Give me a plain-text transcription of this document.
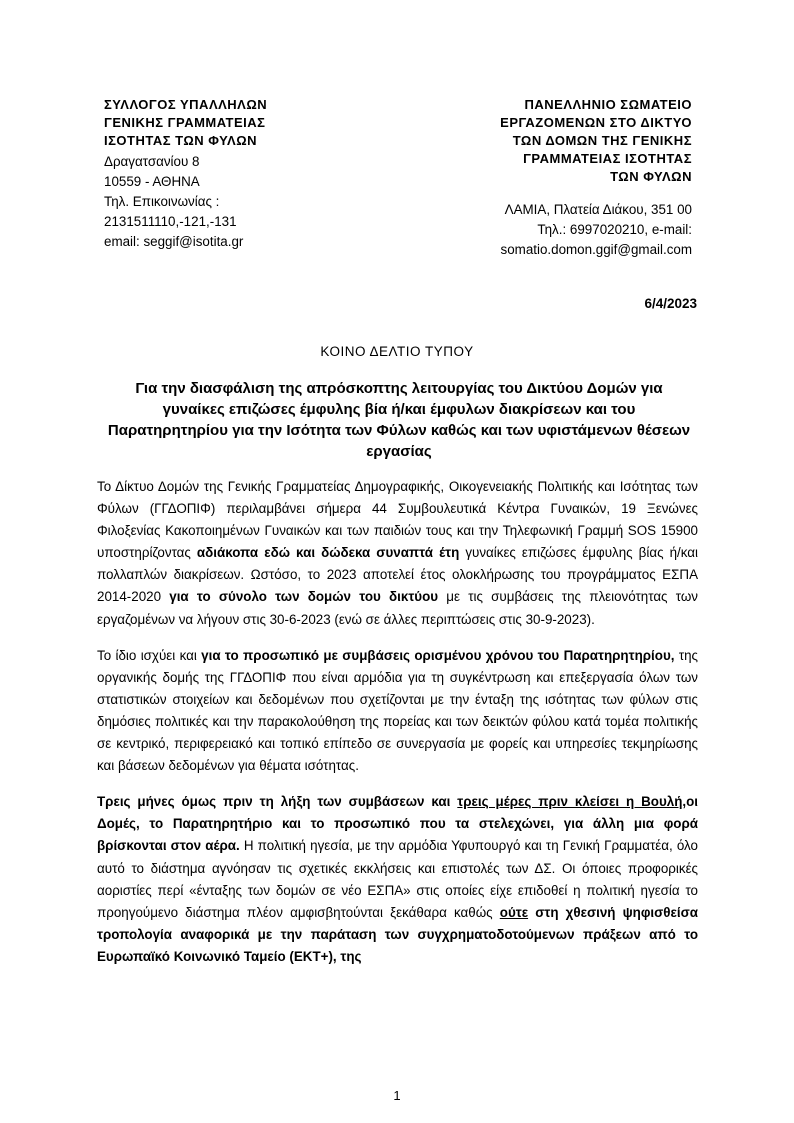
ΣΥΛΛΟΓΟΣ ΥΠΑΛΛΗΛΩΝ
ΓΕΝΙΚΗΣ ΓΡΑΜΜΑΤΕΙΑΣ
ΙΣΟΤΗΤΑΣ ΤΩΝ ΦΥΛΩΝ
Δραγατσανίου 8
10559 - ΑΘΗΝΑ
Τηλ. Επικοινωνίας :
2131511110,-121,-131
email: seggif@isotita.gr
ΠΑΝΕΛΛΗΝΙΟ ΣΩΜΑΤΕΙΟ
ΕΡΓΑΖΟΜΕΝΩΝ ΣΤΟ ΔΙΚΤΥΟ
ΤΩΝ ΔΟΜΩΝ ΤΗΣ ΓΕΝΙΚΗΣ
ΓΡΑΜΜΑΤΕΙΑΣ ΙΣΟΤΗΤΑΣ
ΤΩΝ ΦΥΛΩΝ
ΛΑΜΙΑ, Πλατεία Διάκου, 351 00
Τηλ.: 6997020210, e-mail:
somatio.domon.ggif@gmail.com
6/4/2023
ΚΟΙΝΟ ΔΕΛΤΙΟ ΤΥΠΟΥ
Για την διασφάλιση της απρόσκοπτης λειτουργίας του Δικτύου Δομών για γυναίκες επιζώσες έμφυλης βία ή/και έμφυλων διακρίσεων και του Παρατηρητηρίου για την Ισότητα των Φύλων καθώς και των υφιστάμενων θέσεων εργασίας

Το Δίκτυο Δομών της Γενικής Γραμματείας Δημογραφικής, Οικογενειακής Πολιτικής και Ισότητας των Φύλων (ΓΓΔΟΠΙΦ) περιλαμβάνει σήμερα 44 Συμβουλευτικά Κέντρα Γυναικών, 19 Ξενώνες Φιλοξενίας Κακοποιημένων Γυναικών και των παιδιών τους και την Τηλεφωνική Γραμμή SOS 15900 υποστηρίζοντας αδιάκοπα εδώ και δώδεκα συναπτά έτη γυναίκες επιζώσες έμφυλης βίας ή/και πολλαπλών διακρίσεων. Ωστόσο, το 2023 αποτελεί έτος ολοκλήρωσης του προγράμματος ΕΣΠΑ 2014-2020 για το σύνολο των δομών του δικτύου με τις συμβάσεις της πλειονότητας των εργαζομένων να λήγουν στις 30-6-2023 (ενώ σε άλλες περιπτώσεις στις 30-9-2023).

Το ίδιο ισχύει και για το προσωπικό με συμβάσεις ορισμένου χρόνου του Παρατηρητηρίου, της οργανικής δομής της ΓΓΔΟΠΙΦ που είναι αρμόδια για τη συγκέντρωση και επεξεργασία όλων των στατιστικών στοιχείων και δεδομένων που σχετίζονται με την ένταξη της ισότητας των φύλων στις δημόσιες πολιτικές και την παρακολούθηση της πορείας και των δεικτών φύλου κατά τομέα πολιτικής σε κεντρικό, περιφερειακό και τοπικό επίπεδο σε συνεργασία με φορείς και υπηρεσίες τεκμηρίωσης και βάσεων δεδομένων για θέματα ισότητας.

Τρεις μήνες όμως πριν τη λήξη των συμβάσεων και τρεις μέρες πριν κλείσει η Βουλή,οι Δομές, το Παρατηρητήριο και το προσωπικό που τα στελεχώνει, για άλλη μια φορά βρίσκονται στον αέρα. Η πολιτική ηγεσία, με την αρμόδια Υφυπουργό και τη Γενική Γραμματέα, όλο αυτό το διάστημα αγνόησαν τις σχετικές εκκλήσεις και επιστολές των ΔΣ. Οι όποιες προφορικές αοριστίες περί «ένταξης των δομών σε νέο ΕΣΠΑ» στις οποίες είχε επιδοθεί η πολιτική ηγεσία το προηγούμενο διάστημα πλέον αμφισβητούνται ξεκάθαρα καθώς ούτε στη χθεσινή ψηφισθείσα τροπολογία αναφορικά με την παράταση των συγχρηματοδοτούμενων πράξεων από το Ευρωπαϊκό Κοινωνικό Ταμείο (ΕΚΤ+), της

1
